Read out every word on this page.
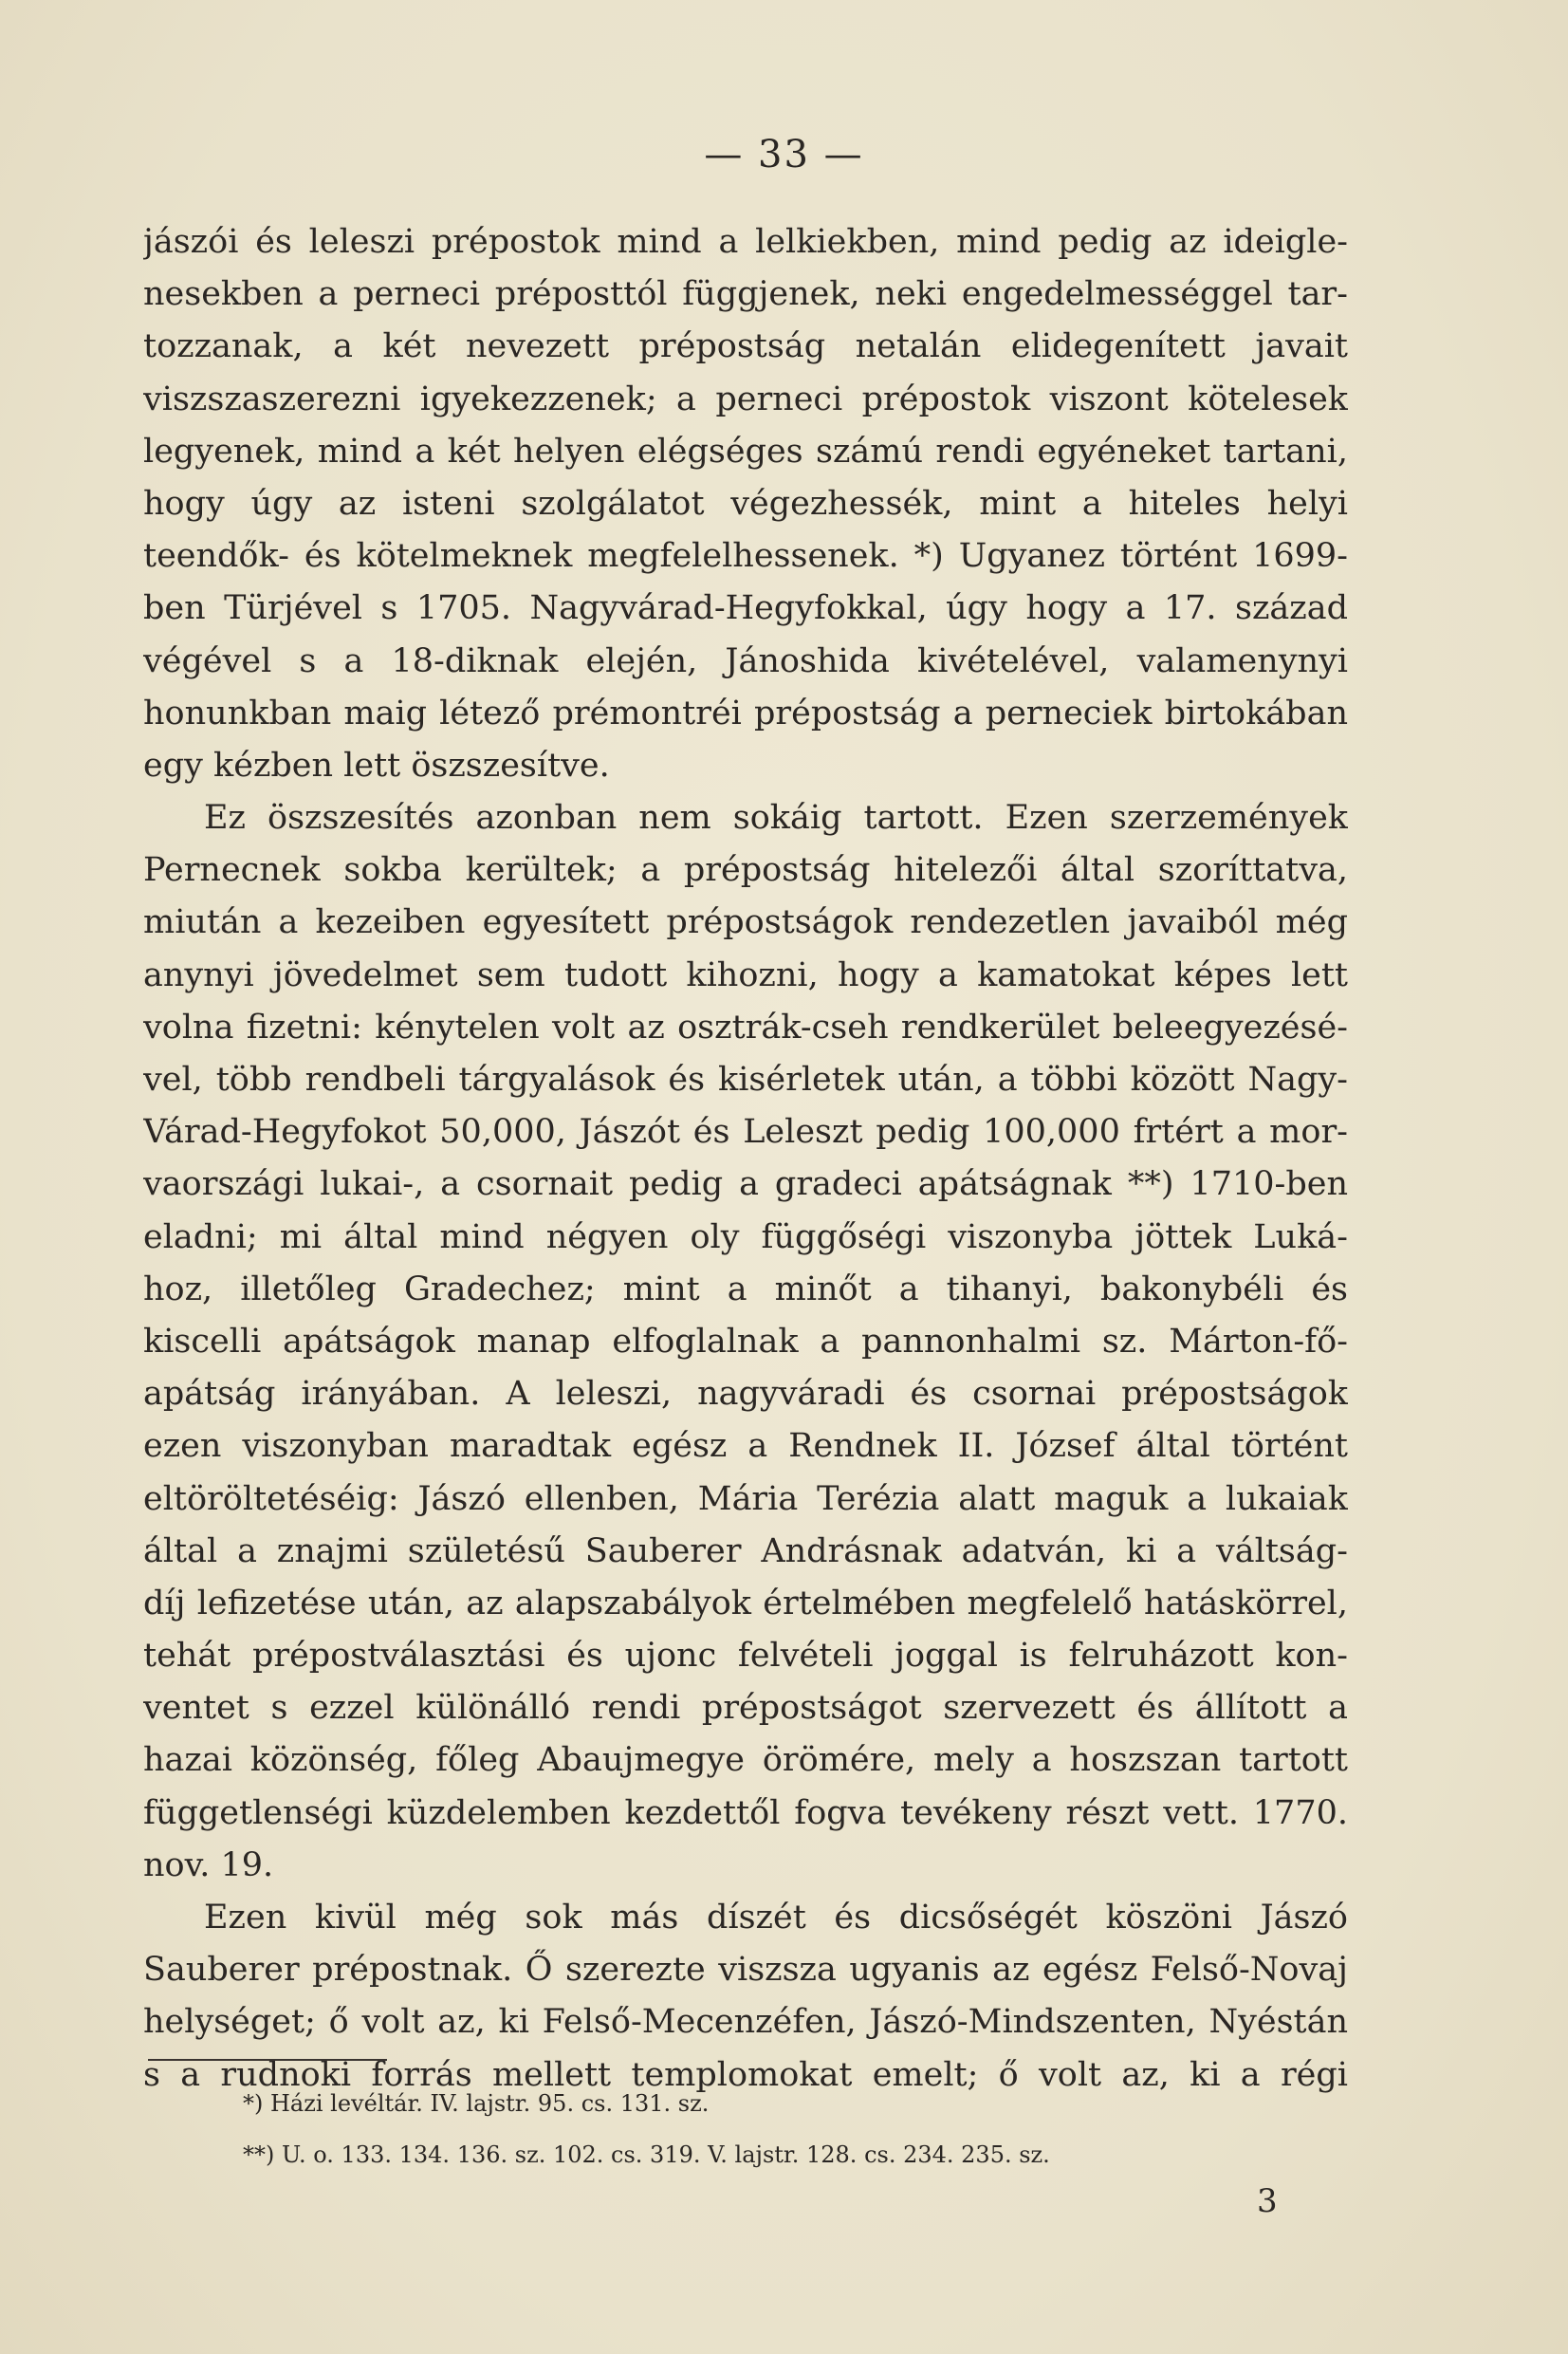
— 33 —
jászói és leleszi prépostok mind a lelkiekben, mind pedig az ideigle-
nesekben a perneci préposttól függjenek, neki engedelmességgel tar-
tozzanak, a két nevezett prépostság netalán elidegenített javait
viszszaszerezni igyekezzenek; a perneci prépostok viszont kötelesek
legyenek, mind a két helyen elégséges számú rendi egyéneket tartani,
hogy úgy az isteni szolgálatot végezhessék, mint a hiteles helyi
teendők- és kötelmeknek megfelelhessenek. *) Ugyanez történt 1699-
ben Türjével s 1705. Nagyvárad-Hegyfokkal, úgy hogy a 17. század
végével s a 18-diknak elején, Jánoshida kivételével, valamenynyi
honunkban maig létező prémontréi prépostság a perneciek birtokában
egy kézben lett öszszesítve.
Ez öszszesítés azonban nem sokáig tartott. Ezen szerzemények
Pernecnek sokba kerültek; a prépostság hitelezői által szoríttatva,
miután a kezeiben egyesített prépostságok rendezetlen javaiból még
anynyi jövedelmet sem tudott kihozni, hogy a kamatokat képes lett
volna fizetni: kénytelen volt az osztrák-cseh rendkerület beleegyezésé-
vel, több rendbeli tárgyalások és kisérletek után, a többi között Nagy-
Várad-Hegyfokot 50,000, Jászót és Leleszt pedig 100,000 frtért a mor-
vaországi lukai-, a csornait pedig a gradeci apátságnak **) 1710-ben
eladni; mi által mind négyen oly függőségi viszonyba jöttek Luká-
hoz, illetőleg Gradechez; mint a minőt a tihanyi, bakonybéli és
kiscelli apátságok manap elfoglalnak a pannonhalmi sz. Márton-fő-
apátság irányában. A leleszi, nagyváradi és csornai prépostságok
ezen viszonyban maradtak egész a Rendnek II. József által történt
eltöröltetéséig: Jászó ellenben, Mária Terézia alatt maguk a lukaiak
által a znajmi születésű Sauberer Andrásnak adatván, ki a váltság-
díj lefizetése után, az alapszabályok értelmében megfelelő hatáskörrel,
tehát prépostválasztási és ujonc felvételi joggal is felruházott kon-
ventet s ezzel különálló rendi prépostságot szervezett és állított a
hazai közönség, főleg Abaujmegye örömére, mely a hoszszan tartott
függetlenségi küzdelemben kezdettől fogva tevékeny részt vett. 1770.
nov. 19.
Ezen kivül még sok más díszét és dicsőségét köszöni Jászó
Sauberer prépostnak. Ő szerezte viszsza ugyanis az egész Felső-Novaj
helységet; ő volt az, ki Felső-Mecenzéfen, Jászó-Mindszenten, Nyéstán
s a rudnoki forrás mellett templomokat emelt; ő volt az, ki a régi
*) Házi levéltár. IV. lajstr. 95. cs. 131. sz.
**) U. o. 133. 134. 136. sz. 102. cs. 319. V. lajstr. 128. cs. 234. 235. sz.
3
